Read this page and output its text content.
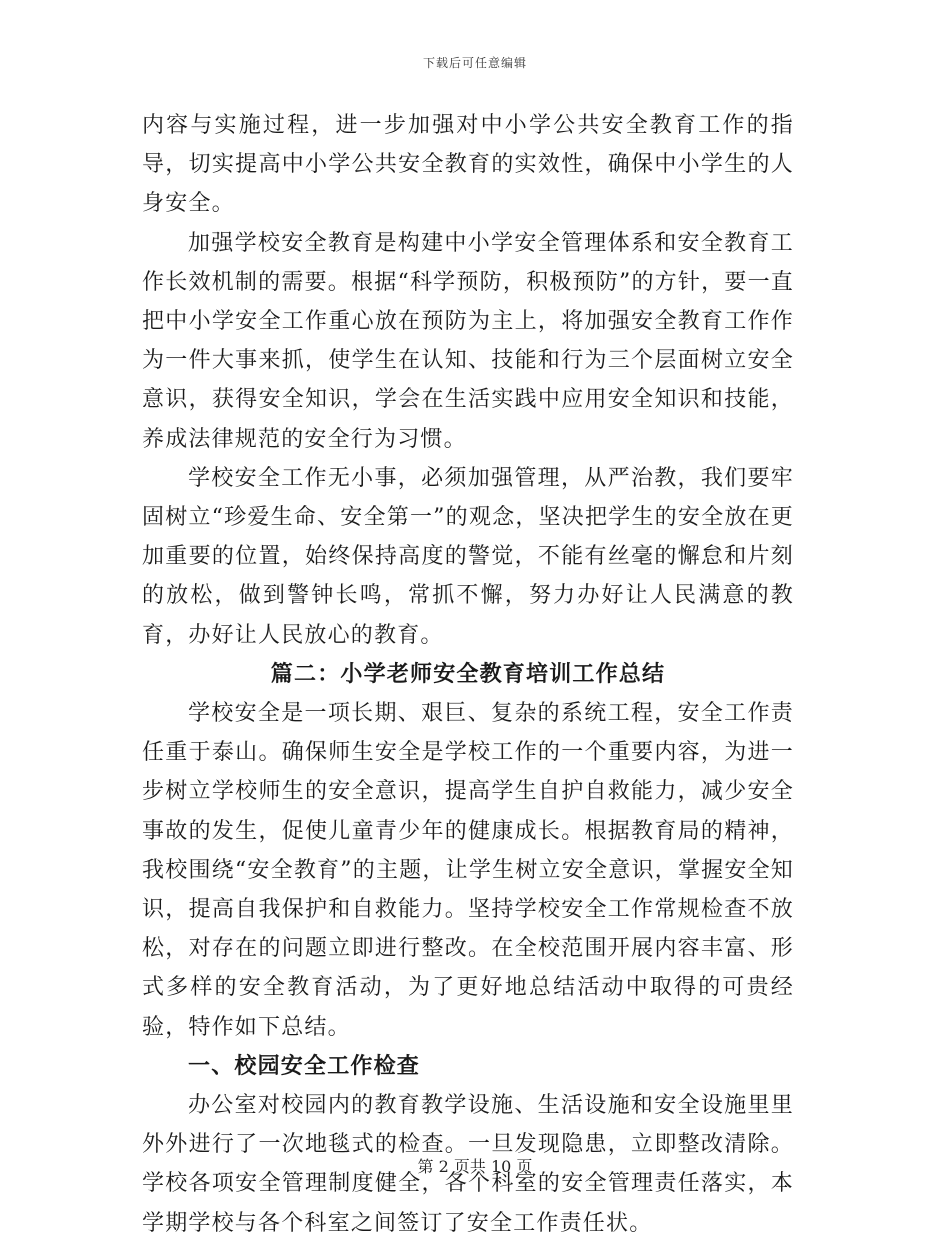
下载后可任意编辑

内容与实施过程，进一步加强对中小学公共安全教育工作的指导，切实提高中小学公共安全教育的实效性，确保中小学生的人身安全。

加强学校安全教育是构建中小学安全管理体系和安全教育工作长效机制的需要。根据“科学预防，积极预防”的方针，要一直把中小学安全工作重心放在预防为主上，将加强安全教育工作作为一件大事来抓，使学生在认知、技能和行为三个层面树立安全意识，获得安全知识，学会在生活实践中应用安全知识和技能，养成法律规范的安全行为习惯。

学校安全工作无小事，必须加强管理，从严治教，我们要牢固树立“珍爱生命、安全第一”的观念，坚决把学生的安全放在更加重要的位置，始终保持高度的警觉，不能有丝毫的懈怠和片刻的放松，做到警钟长鸣，常抓不懈，努力办好让人民满意的教育，办好让人民放心的教育。

篇二：小学老师安全教育培训工作总结

学校安全是一项长期、艰巨、复杂的系统工程，安全工作责任重于泰山。确保师生安全是学校工作的一个重要内容，为进一步树立学校师生的安全意识，提高学生自护自救能力，减少安全事故的发生，促使儿童青少年的健康成长。根据教育局的精神，我校围绕“安全教育”的主题，让学生树立安全意识，掌握安全知识，提高自我保护和自救能力。坚持学校安全工作常规检查不放松，对存在的问题立即进行整改。在全校范围开展内容丰富、形式多样的安全教育活动，为了更好地总结活动中取得的可贵经验，特作如下总结。

一、校园安全工作检查

办公室对校园内的教育教学设施、生活设施和安全设施里里外外进行了一次地毯式的检查。一旦发现隐患，立即整改清除。学校各项安全管理制度健全，各个科室的安全管理责任落实，本学期学校与各个科室之间签订了安全工作责任状。

第 2 页共 10 页
